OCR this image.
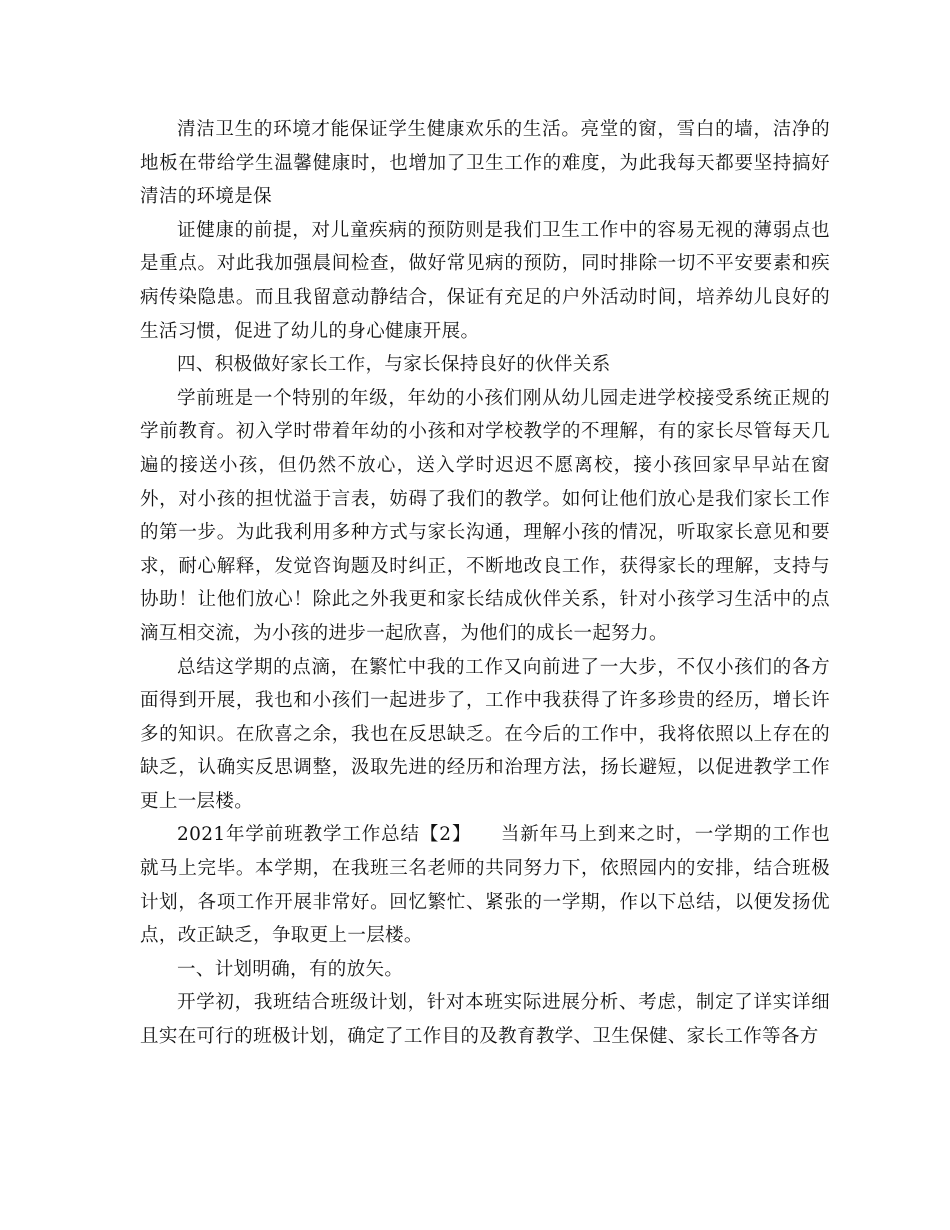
清洁卫生的环境才能保证学生健康欢乐的生活。亮堂的窗，雪白的墙，洁净的地板在带给学生温馨健康时，也增加了卫生工作的难度，为此我每天都要坚持搞好清洁的环境是保

证健康的前提，对儿童疾病的预防则是我们卫生工作中的容易无视的薄弱点也是重点。对此我加强晨间检查，做好常见病的预防，同时排除一切不平安要素和疾病传染隐患。而且我留意动静结合，保证有充足的户外活动时间，培养幼儿良好的生活习惯，促进了幼儿的身心健康开展。

四、积极做好家长工作，与家长保持良好的伙伴关系

学前班是一个特别的年级，年幼的小孩们刚从幼儿园走进学校接受系统正规的学前教育。初入学时带着年幼的小孩和对学校教学的不理解，有的家长尽管每天几遍的接送小孩，但仍然不放心，送入学时迟迟不愿离校，接小孩回家早早站在窗外，对小孩的担忧溢于言表，妨碍了我们的教学。如何让他们放心是我们家长工作的第一步。为此我利用多种方式与家长沟通，理解小孩的情况，听取家长意见和要求，耐心解释，发觉咨询题及时纠正，不断地改良工作，获得家长的理解，支持与协助！让他们放心！除此之外我更和家长结成伙伴关系，针对小孩学习生活中的点滴互相交流，为小孩的进步一起欣喜，为他们的成长一起努力。

总结这学期的点滴，在繁忙中我的工作又向前进了一大步，不仅小孩们的各方面得到开展，我也和小孩们一起进步了，工作中我获得了许多珍贵的经历，增长许多的知识。在欣喜之余，我也在反思缺乏。在今后的工作中，我将依照以上存在的缺乏，认确实反思调整，汲取先进的经历和治理方法，扬长避短，以促进教学工作更上一层楼。

2021年学前班教学工作总结【2】　　当新年马上到来之时，一学期的工作也就马上完毕。本学期，在我班三名老师的共同努力下，依照园内的安排，结合班极计划，各项工作开展非常好。回忆繁忙、紧张的一学期，作以下总结，以便发扬优点，改正缺乏，争取更上一层楼。

一、计划明确，有的放矢。

开学初，我班结合班级计划，针对本班实际进展分析、考虑，制定了详实详细且实在可行的班极计划，确定了工作目的及教育教学、卫生保健、家长工作等各方
